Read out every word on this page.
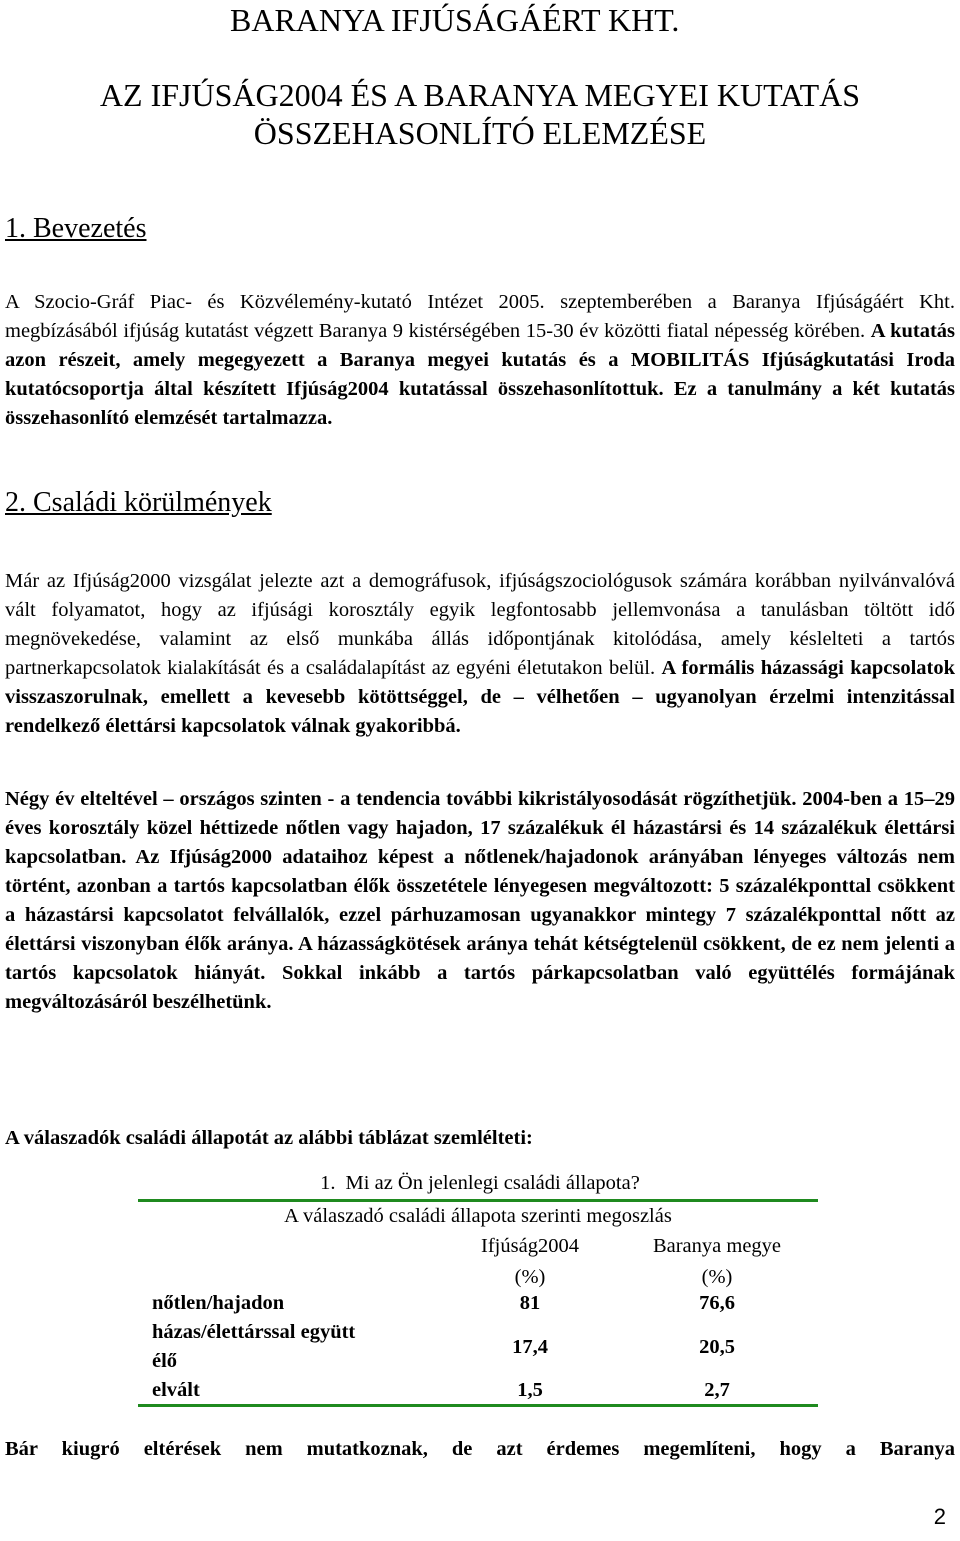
BARANYA IFJÚSÁGÁÉRT KHT.
AZ IFJÚSÁG2004 ÉS A BARANYA MEGYEI KUTATÁS
ÖSSZEHASONLÍTÓ ELEMZÉSE
1. Bevezetés

A Szocio-Gráf Piac- és Közvélemény-kutató Intézet 2005. szeptemberében a Baranya Ifjúságáért Kht. megbízásából ifjúság kutatást végzett Baranya 9 kistérségében 15-30 év közötti fiatal népesség körében. A kutatás azon részeit, amely megegyezett a Baranya megyei kutatás és a MOBILITÁS Ifjúságkutatási Iroda kutatócsoportja által készített Ifjúság2004 kutatással összehasonlítottuk. Ez a tanulmány a két kutatás összehasonlító elemzését tartalmazza.

2. Családi körülmények

Már az Ifjúság2000 vizsgálat jelezte azt a demográfusok, ifjúságszociológusok számára korábban nyilvánvalóvá vált folyamatot, hogy az ifjúsági korosztály egyik legfontosabb jellemvonása a tanulásban töltött idő megnövekedése, valamint az első munkába állás időpontjának kitolódása, amely késlelteti a tartós partnerkapcsolatok kialakítását és a családalapítást az egyéni életutakon belül. A formális házassági kapcsolatok visszaszorulnak, emellett a kevesebb kötöttséggel, de – vélhetően – ugyanolyan érzelmi intenzitással rendelkező élettársi kapcsolatok válnak gyakoribbá.

Négy év elteltével – országos szinten - a tendencia további kikristályosodását rögzíthetjük. 2004-ben a 15–29 éves korosztály közel héttizede nőtlen vagy hajadon, 17 százalékuk él házastársi és 14 százalékuk élettársi kapcsolatban. Az Ifjúság2000 adataihoz képest a nőtlenek/hajadonok arányában lényeges változás nem történt, azonban a tartós kapcsolatban élők összetétele lényegesen megváltozott: 5 százalékponttal csökkent a házastársi kapcsolatot felvállalók, ezzel párhuzamosan ugyanakkor mintegy 7 százalékponttal nőtt az élettársi viszonyban élők aránya. A házasságkötések aránya tehát kétségtelenül csökkent, de ez nem jelenti a tartós kapcsolatok hiányát. Sokkal inkább a tartós párkapcsolatban való együttélés formájának megváltozásáról beszélhetünk.

A válaszadók családi állapotát az alábbi táblázat szemlélteti:
1. Mi az Ön jelenlegi családi állapota?
A válaszadó családi állapota szerinti megoszlás
Ifjúság2004
(%)
Baranya megye
(%)
nőtlen/hajadon	81	76,6
házas/élettárssal együtt
élő
17,4	20,5
elvált	1,5	2,7

Bár kiugró eltérések nem mutatkoznak, de azt érdemes megemlíteni, hogy a Baranya

2
